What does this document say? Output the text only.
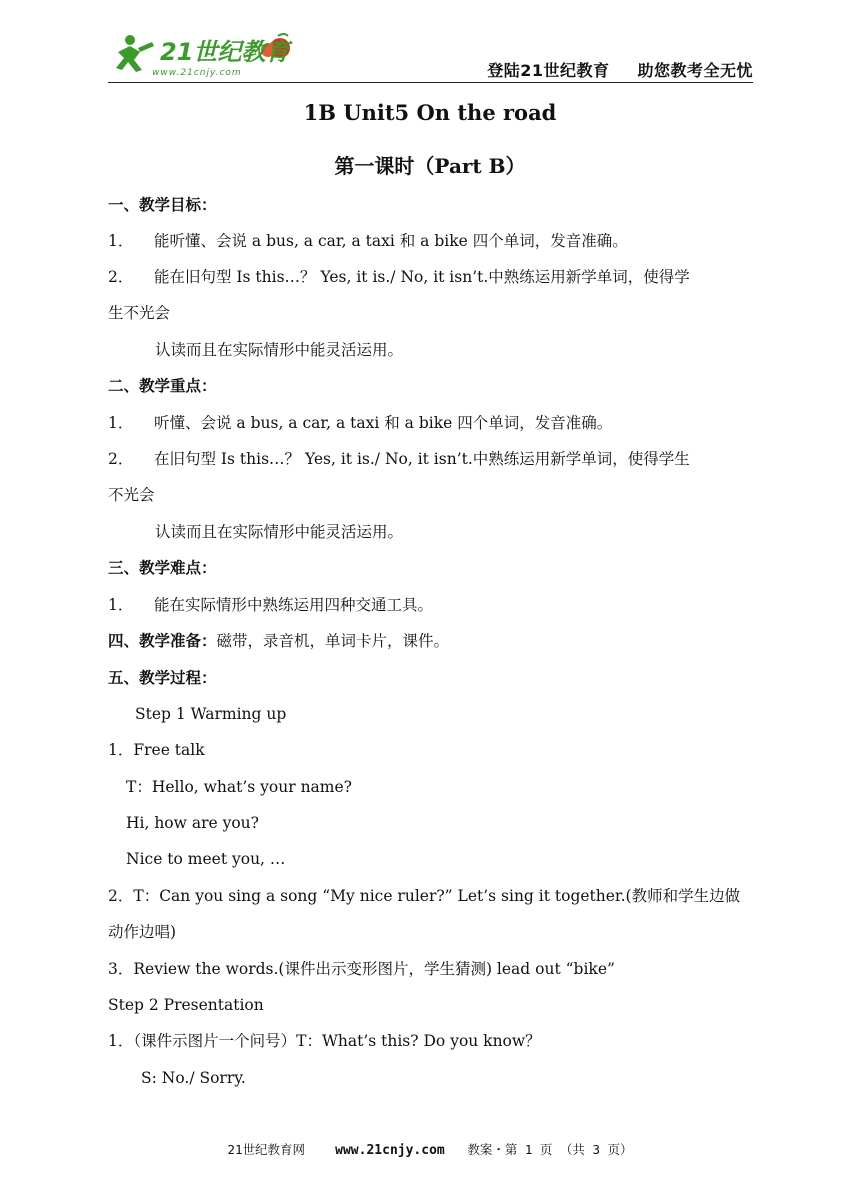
21世纪教育
www.21cnjy.com	登陆21世纪教育 助您教考全无忧
1B Unit5 On the road
第一课时（Part B）
一、教学目标：
1． 能听懂、会说 a bus, a car, a taxi 和 a bike 四个单词，发音准确。
2． 能在旧句型 Is this…？ Yes, it is./ No, it isn’t.中熟练运用新学单词，使得学
生不光会
认读而且在实际情形中能灵活运用。
二、教学重点：
1． 听懂、会说 a bus, a car, a taxi 和 a bike 四个单词，发音准确。
2． 在旧句型 Is this…？ Yes, it is./ No, it isn’t.中熟练运用新学单词，使得学生
不光会
认读而且在实际情形中能灵活运用。
三、教学难点：
1． 能在实际情形中熟练运用四种交通工具。
四、教学准备：磁带，录音机，单词卡片，课件。
五、教学过程：
Step 1 Warming up
1．Free talk
T：Hello, what’s your name?
Hi, how are you?
Nice to meet you, …
2．T：Can you sing a song “My nice ruler?” Let’s sing it together.(教师和学生边做
动作边唱)
3．Review the words.(课件出示变形图片，学生猜测) lead out “bike”
Step 2 Presentation
1．（课件示图片一个问号）T：What’s this? Do you know？
S: No./ Sorry.
21世纪教育网 www.21cnjy.com 教案・第 1 页 （共 3 页）
